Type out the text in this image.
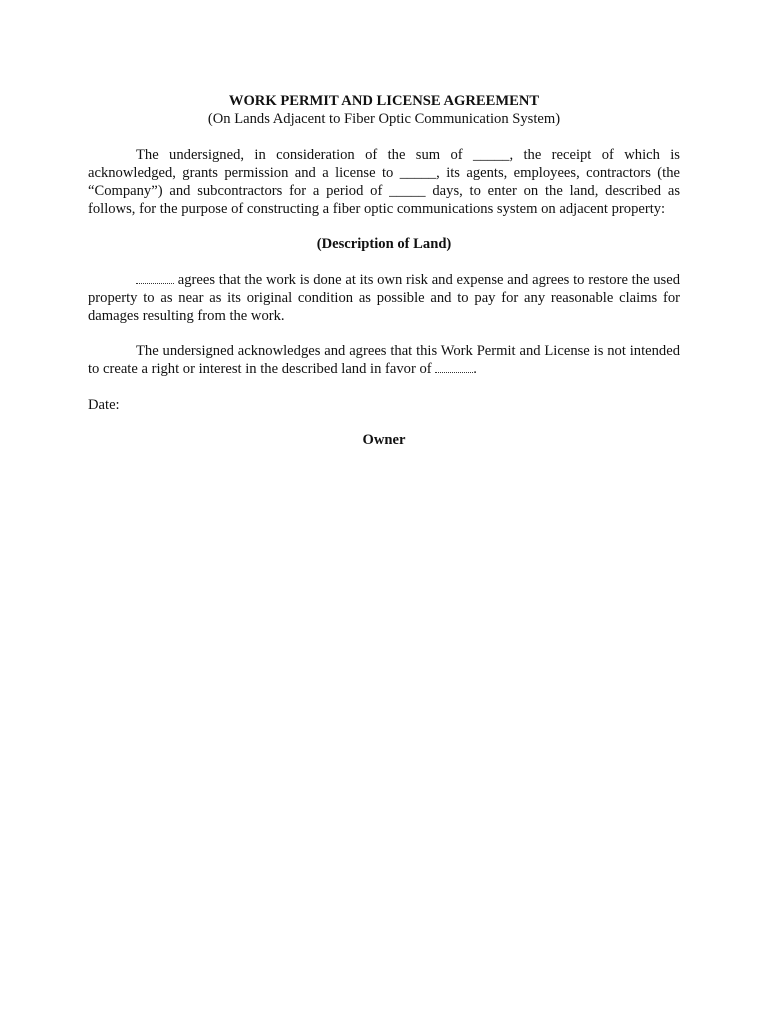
WORK PERMIT AND LICENSE AGREEMENT

(On Lands Adjacent to Fiber Optic Communication System)

The undersigned, in consideration of the sum of _____, the receipt of which is acknowledged, grants permission and a license to _____, its agents, employees, contractors (the “Company”) and subcontractors for a period of _____ days, to enter on the land, described as follows, for the purpose of constructing a fiber optic communications system on adjacent property:

(Description of Land)

agrees that the work is done at its own risk and expense and agrees to restore the used property to as near as its original condition as possible and to pay for any reasonable claims for damages resulting from the work.

The undersigned acknowledges and agrees that this Work Permit and License is not intended to create a right or interest in the described land in favor of	.

Date:

Owner
